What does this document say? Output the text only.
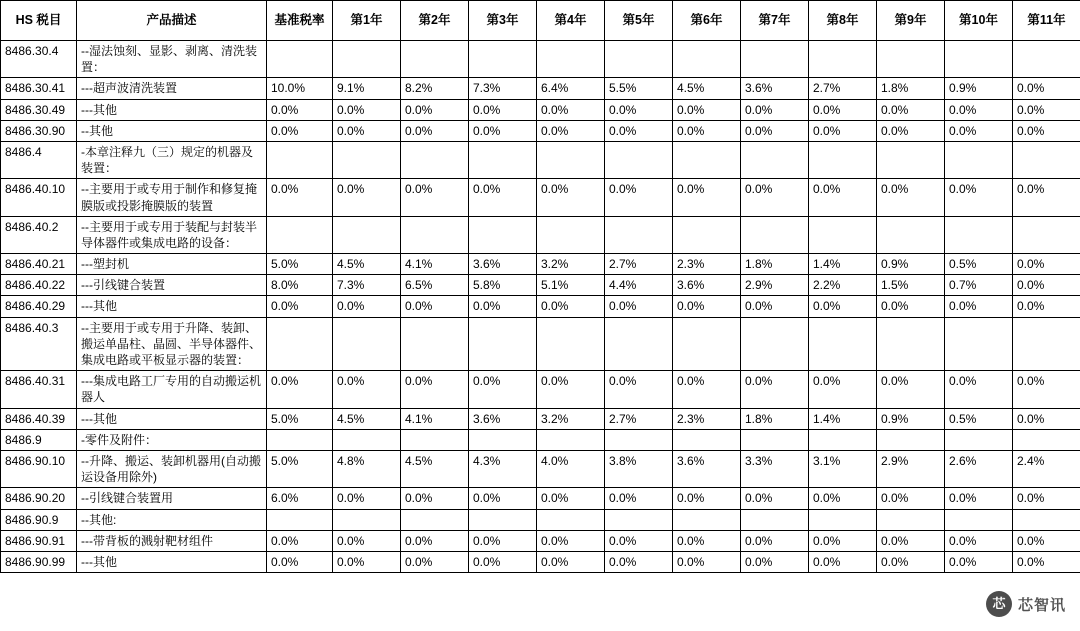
HS 税目	产品描述	基准税率	第1年	第2年	第3年	第4年	第5年	第6年	第7年	第8年	第9年	第10年	第11年
8486.30.4	--湿法蚀刻、显影、剥离、清洗装置：												
8486.30.41	---超声波清洗装置	10.0%	9.1%	8.2%	7.3%	6.4%	5.5%	4.5%	3.6%	2.7%	1.8%	0.9%	0.0%
8486.30.49	---其他	0.0%	0.0%	0.0%	0.0%	0.0%	0.0%	0.0%	0.0%	0.0%	0.0%	0.0%	0.0%
8486.30.90	--其他	0.0%	0.0%	0.0%	0.0%	0.0%	0.0%	0.0%	0.0%	0.0%	0.0%	0.0%	0.0%
8486.4	-本章注释九（三）规定的机器及装置：												
8486.40.10	--主要用于或专用于制作和修复掩膜版或投影掩膜版的装置	0.0%	0.0%	0.0%	0.0%	0.0%	0.0%	0.0%	0.0%	0.0%	0.0%	0.0%	0.0%
8486.40.2	--主要用于或专用于装配与封装半导体器件或集成电路的设备：												
8486.40.21	---塑封机	5.0%	4.5%	4.1%	3.6%	3.2%	2.7%	2.3%	1.8%	1.4%	0.9%	0.5%	0.0%
8486.40.22	---引线键合装置	8.0%	7.3%	6.5%	5.8%	5.1%	4.4%	3.6%	2.9%	2.2%	1.5%	0.7%	0.0%
8486.40.29	---其他	0.0%	0.0%	0.0%	0.0%	0.0%	0.0%	0.0%	0.0%	0.0%	0.0%	0.0%	0.0%
8486.40.3	--主要用于或专用于升降、装卸、搬运单晶柱、晶圆、半导体器件、集成电路或平板显示器的装置：												
8486.40.31	---集成电路工厂专用的自动搬运机器人	0.0%	0.0%	0.0%	0.0%	0.0%	0.0%	0.0%	0.0%	0.0%	0.0%	0.0%	0.0%
8486.40.39	---其他	5.0%	4.5%	4.1%	3.6%	3.2%	2.7%	2.3%	1.8%	1.4%	0.9%	0.5%	0.0%
8486.9	-零件及附件：												
8486.90.10	--升降、搬运、装卸机器用(自动搬运设备用除外)	5.0%	4.8%	4.5%	4.3%	4.0%	3.8%	3.6%	3.3%	3.1%	2.9%	2.6%	2.4%
8486.90.20	--引线键合装置用	6.0%	0.0%	0.0%	0.0%	0.0%	0.0%	0.0%	0.0%	0.0%	0.0%	0.0%	0.0%
8486.90.9	--其他:												
8486.90.91	---带背板的溅射靶材组件	0.0%	0.0%	0.0%	0.0%	0.0%	0.0%	0.0%	0.0%	0.0%	0.0%	0.0%	0.0%
8486.90.99	---其他	0.0%	0.0%	0.0%	0.0%	0.0%	0.0%	0.0%	0.0%	0.0%	0.0%	0.0%	0.0%
芯 芯智讯
